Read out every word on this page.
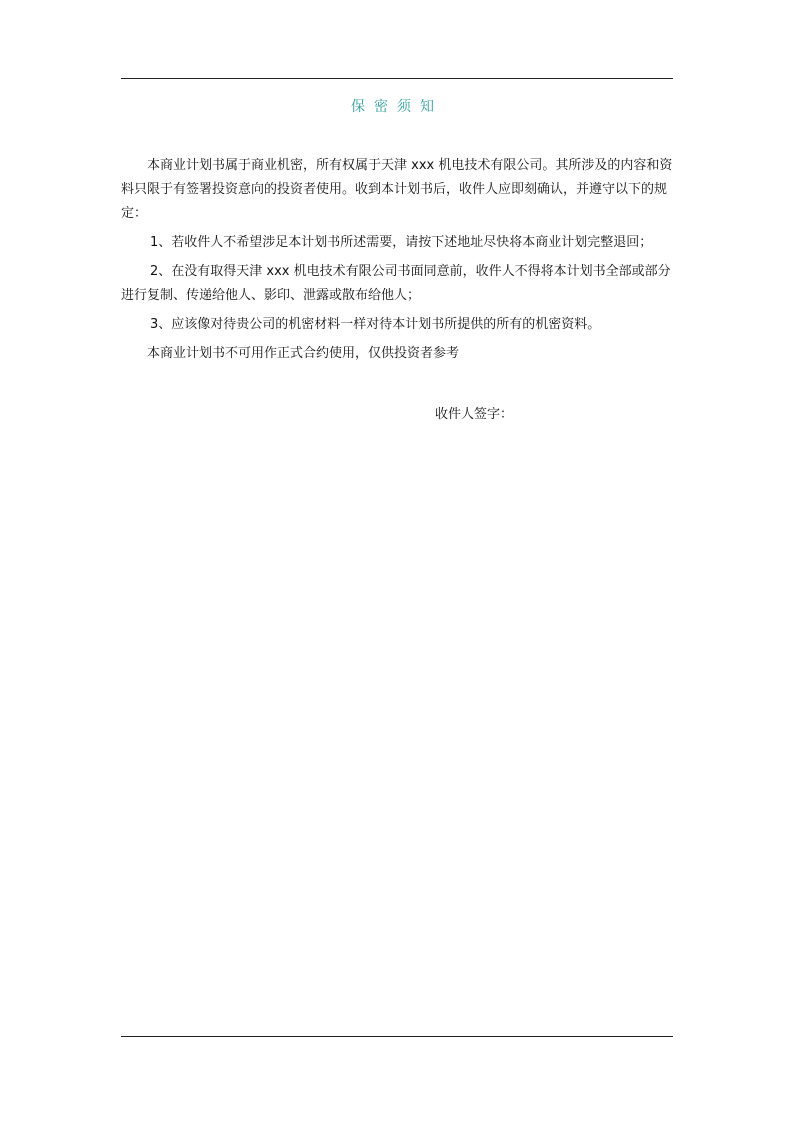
保密须知

本商业计划书属于商业机密，所有权属于天津 xxx 机电技术有限公司。其所涉及的内容和资料只限于有签署投资意向的投资者使用。收到本计划书后，收件人应即刻确认，并遵守以下的规定：

1、若收件人不希望涉足本计划书所述需要，请按下述地址尽快将本商业计划完整退回；

2、在没有取得天津 xxx 机电技术有限公司书面同意前，收件人不得将本计划书全部或部分进行复制、传递给他人、影印、泄露或散布给他人；

3、应该像对待贵公司的机密材料一样对待本计划书所提供的所有的机密资料。

本商业计划书不可用作正式合约使用，仅供投资者参考

收件人签字：
